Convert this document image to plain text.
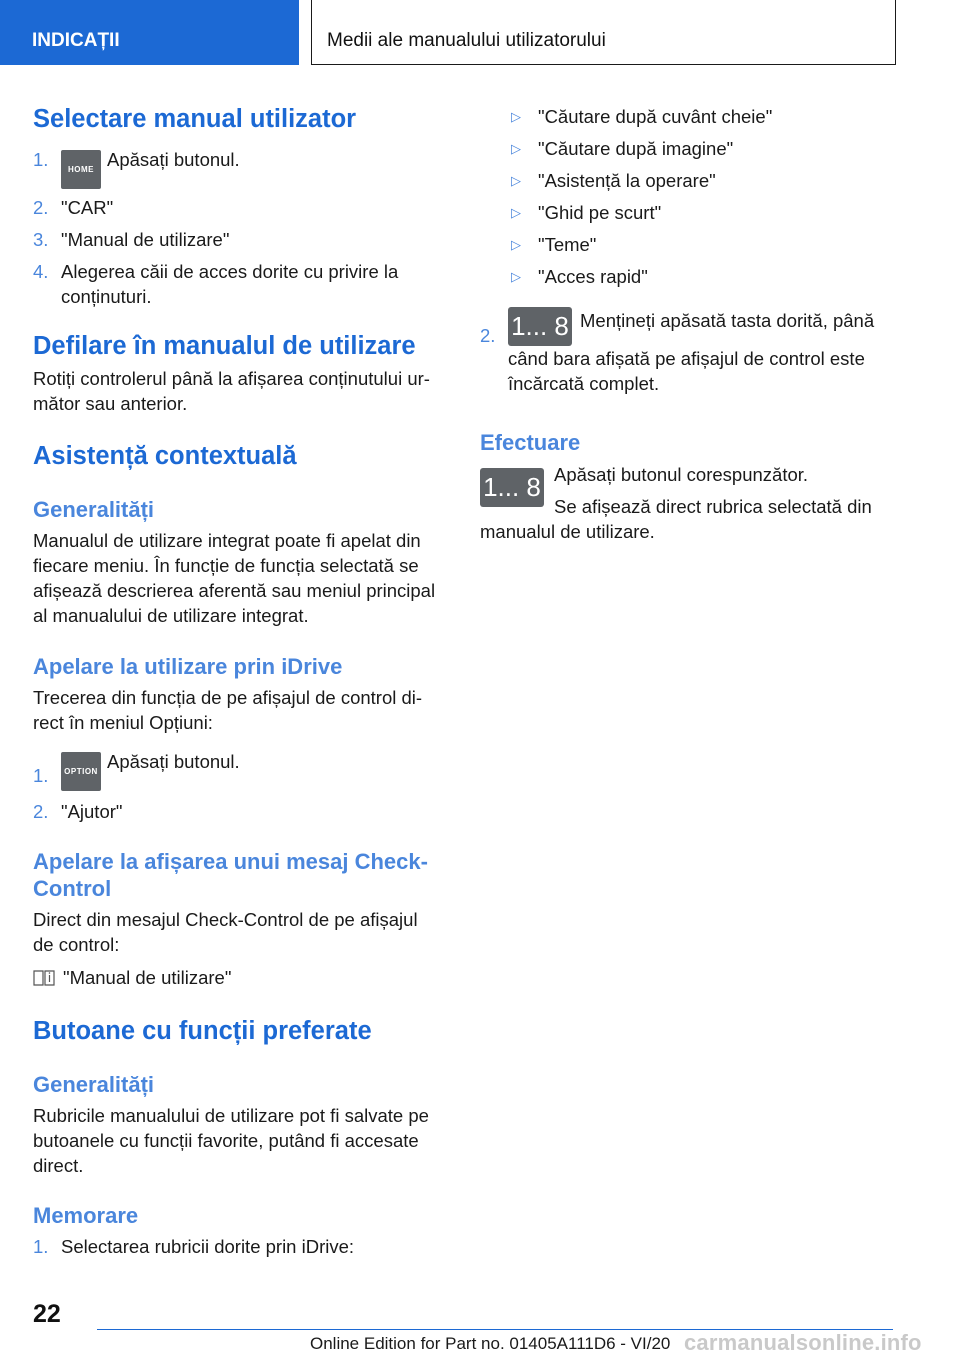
INDICAȚII	Medii ale manualului utilizatorului
Selectare manual utilizator
1. HOME Apăsați butonul.
2. "CAR"
3. "Manual de utilizare"
4. Alegerea căii de acces dorite cu privire la conținuturi.
Defilare în manualul de utilizare

Rotiți controlerul până la afișarea conținutului ur-mător sau anterior.

Asistență contextuală
Generalități

Manualul de utilizare integrat poate fi apelat din fiecare meniu. În funcție de funcția selectată se afișează descrierea aferentă sau meniul principal al manualului de utilizare integrat.

Apelare la utilizare prin iDrive

Trecerea din funcția de pe afișajul de control di-rect în meniul Opțiuni:

1. OPTION Apăsați butonul.
2. "Ajutor"
Apelare la afișarea unui mesaj Check-Control

Direct din mesajul Check-Control de pe afișajul de control:

"Manual de utilizare"

Butoane cu funcții preferate
Generalități

Rubricile manualului de utilizare pot fi salvate pe butoanele cu funcții favorite, putând fi accesate direct.

Memorare
1. Selectarea rubricii dorite prin iDrive:
▷ "Căutare după cuvânt cheie"
▷ "Căutare după imagine"
▷ "Asistență la operare"
▷ "Ghid pe scurt"
▷ "Teme"
▷ "Acces rapid"
2. 1... 8 Mențineți apăsată tasta dorită, până când bara afișată pe afișajul de control este încărcată complet.
Efectuare
1... 8 Apăsați butonul corespunzător.

Se afișează direct rubrica selectată din manualul de utilizare.

22
Online Edition for Part no. 01405A111D6 - VI/20 carmanualsonline.info
